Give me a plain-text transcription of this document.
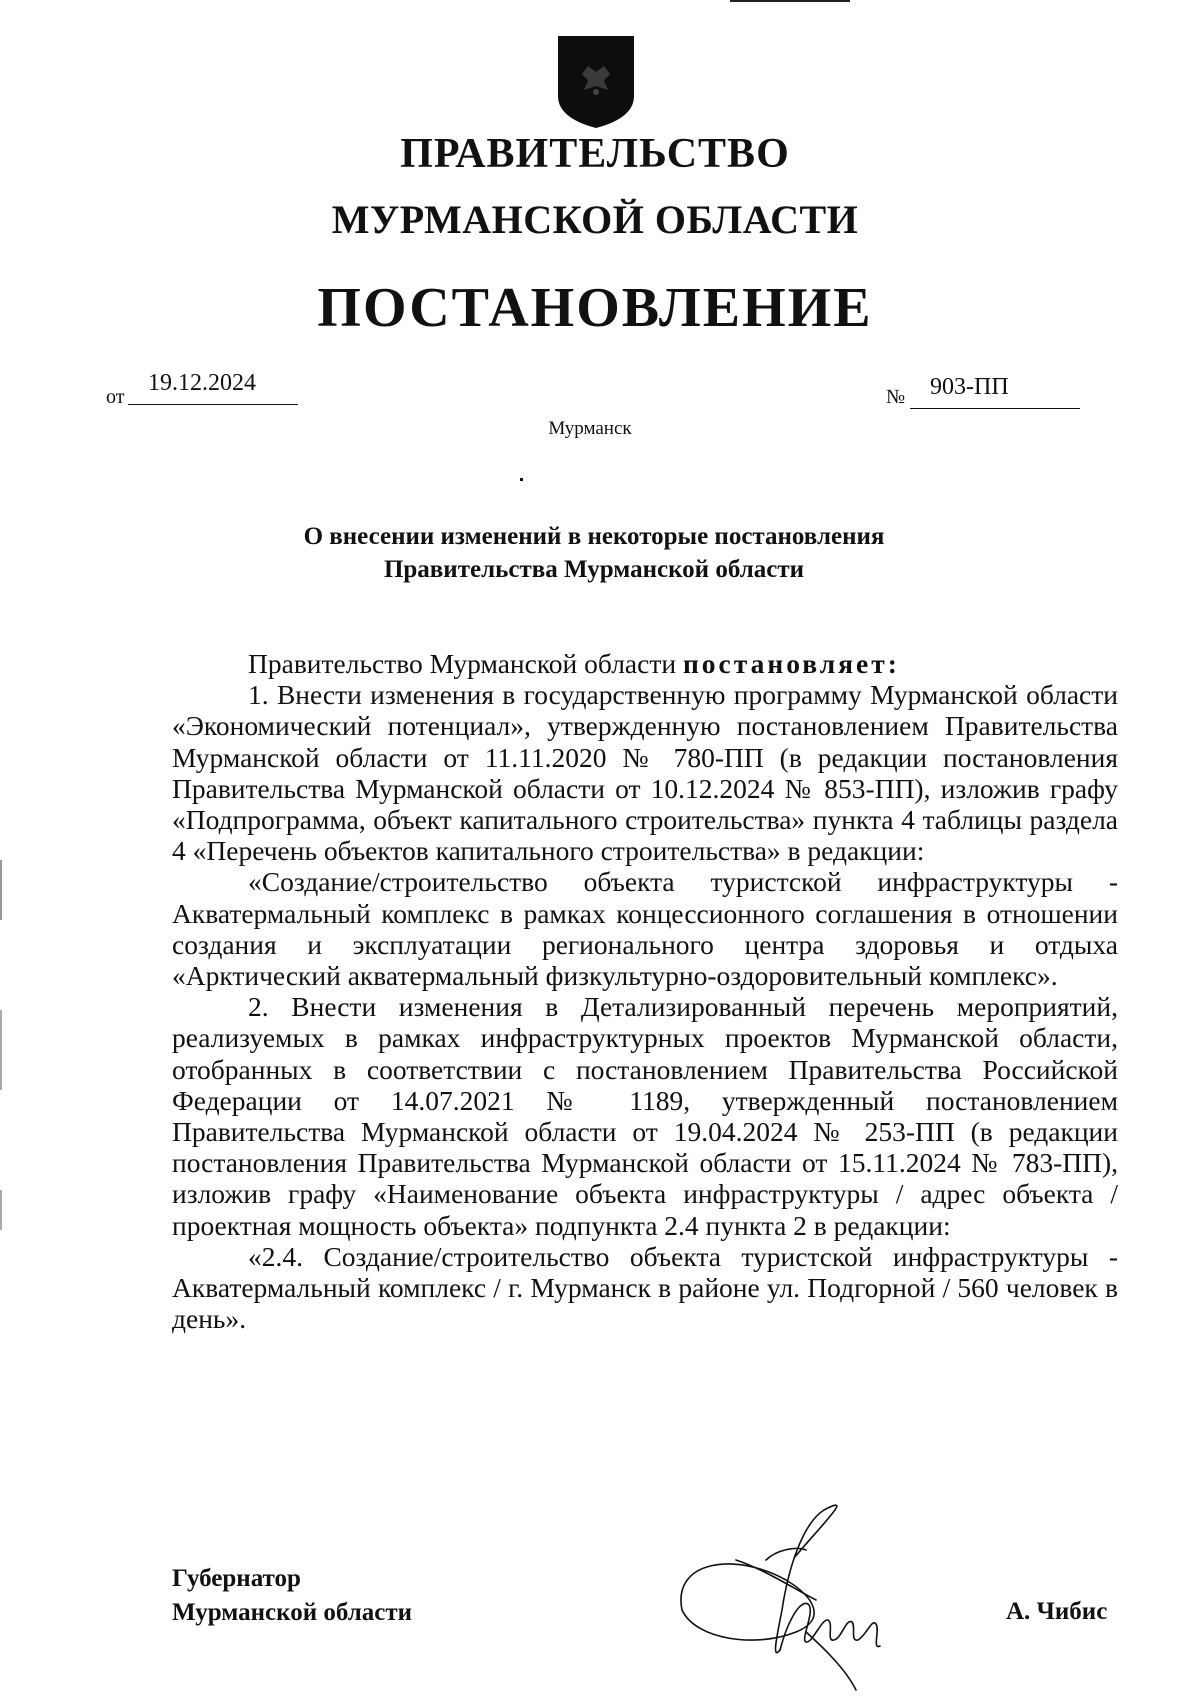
ПРАВИТЕЛЬСТВО
МУРМАНСКОЙ ОБЛАСТИ
ПОСТАНОВЛЕНИЕ
от
19.12.2024
№ 903-ПП
Мурманск
О внесении изменений в некоторые постановления
Правительства Мурманской области

Правительство Мурманской области постановляет:

1. Внести изменения в государственную программу Мурманской области «Экономический потенциал», утвержденную постановлением Правительства Мурманской области от 11.11.2020 № 780-ПП (в редакции постановления Правительства Мурманской области от 10.12.2024 № 853-ПП), изложив графу «Подпрограмма, объект капитального строительства» пункта 4 таблицы раздела 4 «Перечень объектов капитального строительства» в редакции:

«Создание/строительство объекта туристской инфраструктуры - Акватермальный комплекс в рамках концессионного соглашения в отношении создания и эксплуатации регионального центра здоровья и отдыха «Арктический акватермальный физкультурно-оздоровительный комплекс».

2. Внести изменения в Детализированный перечень мероприятий, реализуемых в рамках инфраструктурных проектов Мурманской области, отобранных в соответствии с постановлением Правительства Российской Федерации от 14.07.2021 № 1189, утвержденный постановлением Правительства Мурманской области от 19.04.2024 № 253-ПП (в редакции постановления Правительства Мурманской области от 15.11.2024 № 783-ПП), изложив графу «Наименование объекта инфраструктуры / адрес объекта / проектная мощность объекта» подпункта 2.4 пункта 2 в редакции:

«2.4. Создание/строительство объекта туристской инфраструктуры - Акватермальный комплекс / г. Мурманск в районе ул. Подгорной / 560 человек в день».

Губернатор
Мурманской области	А. Чибис
